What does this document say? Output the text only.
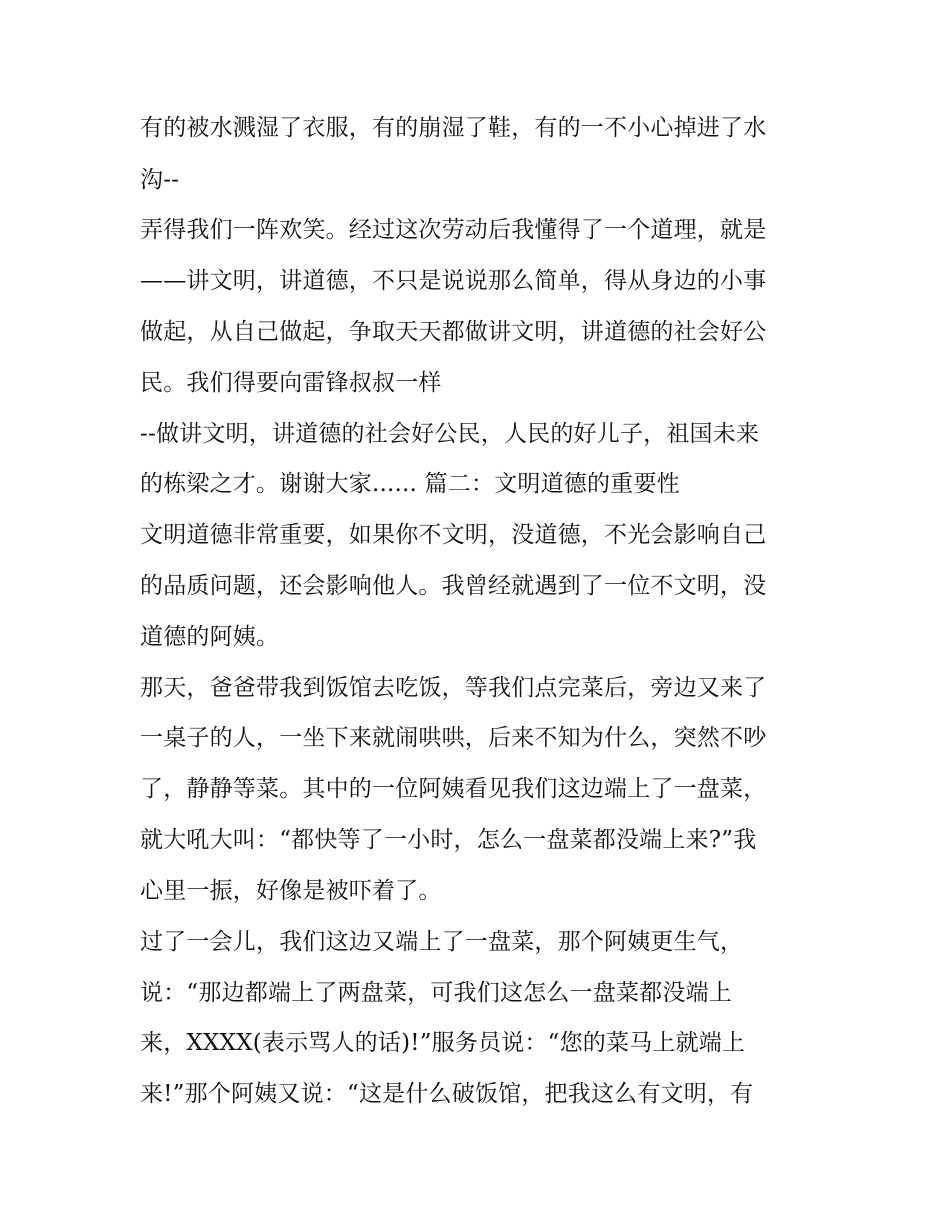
有的被水溅湿了衣服，有的崩湿了鞋，有的一不小心掉进了水
沟--
弄得我们一阵欢笑。经过这次劳动后我懂得了一个道理，就是
——讲文明，讲道德，不只是说说那么简单，得从身边的小事
做起，从自己做起，争取天天都做讲文明，讲道德的社会好公
民。我们得要向雷锋叔叔一样
--做讲文明，讲道德的社会好公民，人民的好儿子，祖国未来
的栋梁之才。谢谢大家...... 篇二：文明道德的重要性
文明道德非常重要，如果你不文明，没道德，不光会影响自己
的品质问题，还会影响他人。我曾经就遇到了一位不文明，没
道德的阿姨。
那天，爸爸带我到饭馆去吃饭，等我们点完菜后，旁边又来了
一桌子的人，一坐下来就闹哄哄，后来不知为什么，突然不吵
了，静静等菜。其中的一位阿姨看见我们这边端上了一盘菜，
就大吼大叫：“都快等了一小时，怎么一盘菜都没端上来?”我
心里一振，好像是被吓着了。
过了一会儿，我们这边又端上了一盘菜，那个阿姨更生气，
说：“那边都端上了两盘菜，可我们这怎么一盘菜都没端上
来，XXXX(表示骂人的话)!”服务员说：“您的菜马上就端上
来!”那个阿姨又说：“这是什么破饭馆，把我这么有文明，有
